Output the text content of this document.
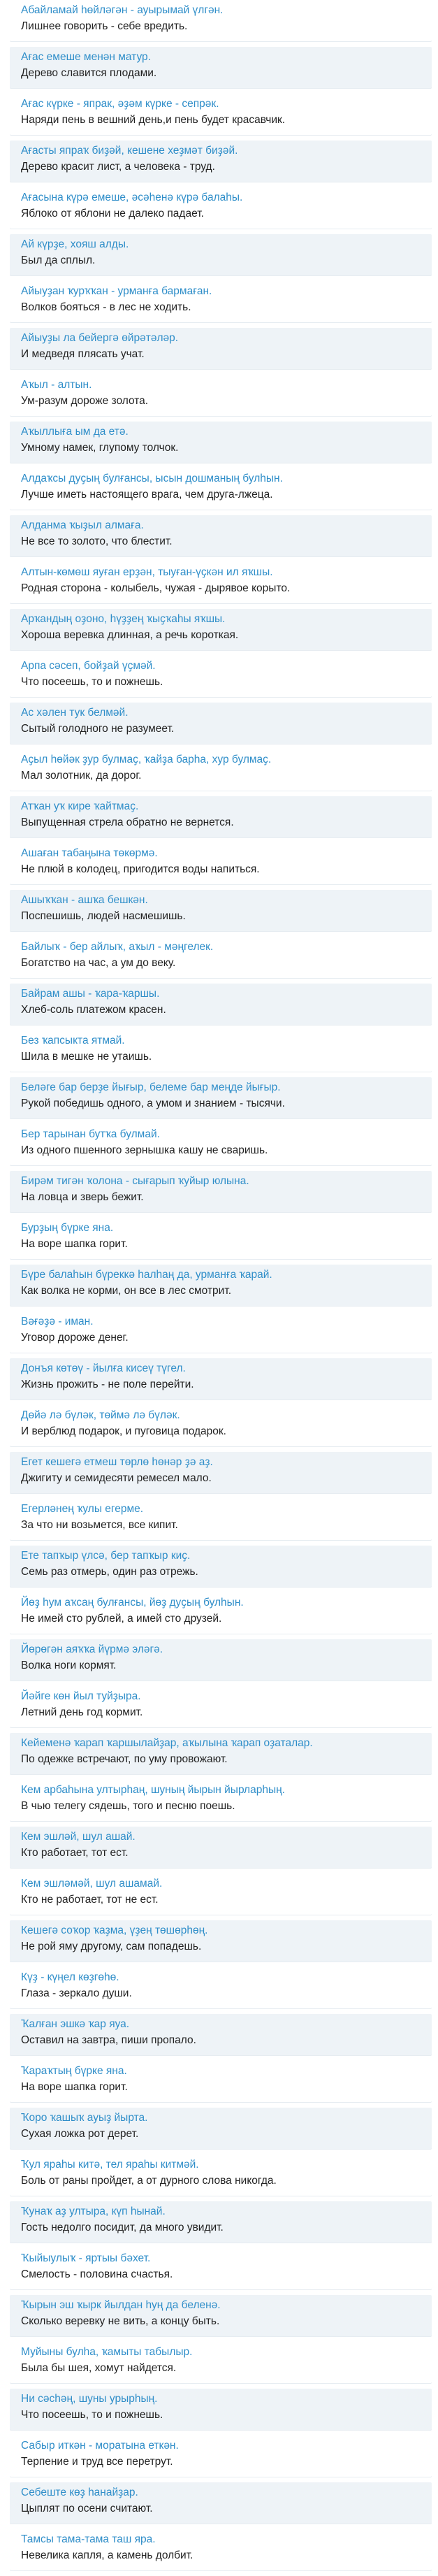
Абайламай һөйләгән - ауырымай үлгән.
Лишнее говорить - себе вредить.
Ағас емеше менән матур.
Дерево славится плодами.
Ағас күрке - япрак, әҙәм күрке - сепрәк.
Наряди пень в вешний день,и пень будет красавчик.
Ағасты япраҡ биҙәй, кешене хеҙмәт биҙәй.
Дерево красит лист, а человека - труд.
Ағасына күрә емеше, әсәһенә күрә балаһы.
Яблоко от яблони не далеко падает.
Ай күрҙе, хояш алды.
Был да сплыл.
Айыуҙан ҡурҡҡан - урманға бармаған.
Волков бояться - в лес не ходить.
Айыуҙы ла бейергә өйрәтәләр.
И медведя плясать учат.
Аҡыл - алтын.
Ум-разум дороже золота.
Аҡыллыға ым да етә.
Умному намек, глупому толчок.
Алдаҡсы дуҫың булғансы, ысын дошманың булһын.
Лучше иметь настоящего врага, чем друга-лжеца.
Алданма ҡыҙыл алмаға.
Не все то золото, что блестит.
Алтын-көмөш яуған ерҙән, тыуған-үҫкән ил яҡшы.
Родная сторона - колыбель, чужая - дырявое корыто.
Арҡандың оҙоно, һүҙҙең ҡыҫҡаһы яҡшы.
Хороша веревка длинная, а речь короткая.
Арпа сәсеп, бойҙай үҫмәй.
Что посеешь, то и пожнешь.
Ас хәлен тук белмәй.
Сытый голодного не разумеет.
Аҫыл һөйәк ҙур булмаҫ, ҡайҙа барһа, хур булмаҫ.
Мал золотник, да дорог.
Атҡан уҡ кире ҡайтмаҫ.
Выпущенная стрела обратно не вернется.
Ашаған табаңына төкөрмә.
Не плюй в колодец, пригодится воды напиться.
Ашыҡҡан - ашҡа бешкән.
Поспешишь, людей насмешишь.
Байлыҡ - бер айлыҡ, аҡыл - мәңгелек.
Богатство на час, а ум до веку.
Байрам ашы - ҡара-ҡаршы.
Хлеб-соль платежом красен.
Без ҡапсыкта ятмай.
Шила в мешке не утаишь.
Беләге бар берҙе йығыр, белеме бар меңде йығыр.
Рукой победишь одного, а умом и знанием - тысячи.
Бер тарынан бутҡа булмай.
Из одного пшенного зернышка кашу не сваришь.
Бирәм тигән ҡолона - сығарып ҡуйыр юлына.
На ловца и зверь бежит.
Бурҙың бүрке яна.
На воре шапка горит.
Бүре балаһын бүреккә һалһаң да, урманға ҡарай.
Как волка не корми, он все в лес смотрит.
Вәғәҙә - иман.
Уговор дороже денег.
Донъя көтөү - йылға кисеү түгел.
Жизнь прожить - не поле перейти.
Дөйә лә бүләк, төймә лә бүләк.
И верблюд подарок, и пуговица подарок.
Егет кешегә етмеш төрлө һөнәр ҙә аҙ.
Джигиту и семидесяти ремесел мало.
Егерләнең ҡулы егерме.
За что ни возьмется, все кипит.
Ете тапҡыр үлсә, бер тапҡыр киҫ.
Семь раз отмерь, один раз отрежь.
Йөҙ һум аҡсаң булғансы, йөҙ дуҫың булһын.
Не имей сто рублей, а имей сто друзей.
Йөрөгән аяҡҡа йүрмә эләгә.
Волка ноги кормят.
Йәйге көн йыл туйҙыра.
Летний день год кормит.
Кейеменә ҡарап ҡаршылайҙар, аҡылына ҡарап оҙаталар.
По одежке встречают, по уму провожают.
Кем арбаһына ултырһаң, шуның йырын йырларһың.
В чью телегу сядешь, того и песню поешь.
Кем эшләй, шул ашай.
Кто работает, тот ест.
Кем эшләмәй, шул ашамай.
Кто не работает, тот не ест.
Кешегә соҡор ҡаҙма, үҙең төшөрһөң.
Не рой яму другому, сам попадешь.
Күҙ - күңел көҙгөһө.
Глаза - зеркало души.
Ҡалған эшкә ҡар яуа.
Оставил на завтра, пиши пропало.
Ҡараҡтың бүрке яна.
На воре шапка горит.
Ҡоро ҡашыҡ ауыҙ йырта.
Сухая ложка рот дерет.
Ҡул яраһы китә, тел яраһы китмәй.
Боль от раны пройдет, а от дурного слова никогда.
Ҡунаҡ аҙ ултыра, күп һынай.
Гость недолго посидит, да много увидит.
Ҡыйыулыҡ - яртыы бәхет.
Смелость - половина счастья.
Ҡырын эш ҡырк йылдан һуң да беленә.
Сколько веревку не вить, а концу быть.
Муйыны булһа, ҡамыты табылыр.
Была бы шея, хомут найдется.
Ни сәсһәң, шуны урырһың.
Что посеешь, то и пожнешь.
Сабыр иткән - моратына еткән.
Терпение и труд все перетрут.
Себеште көҙ һанайҙар.
Цыплят по осени считают.
Тамсы тама-тама таш яра.
Невелика капля, а камень долбит.
